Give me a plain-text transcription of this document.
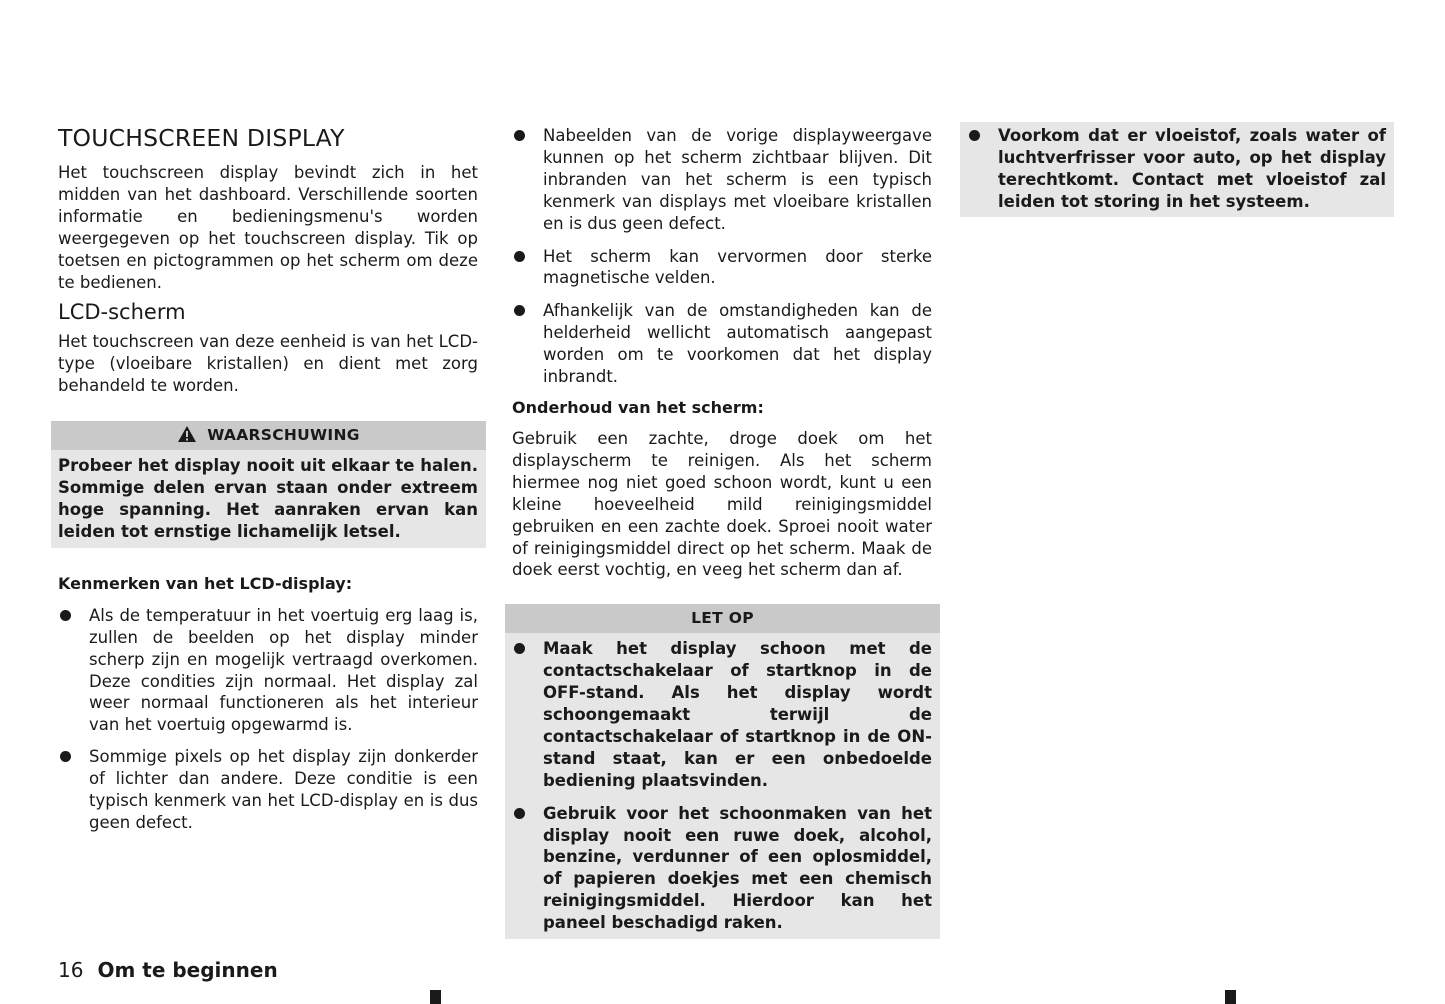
TOUCHSCREEN DISPLAY

Het touchscreen display bevindt zich in het midden van het dashboard. Verschillende soorten informatie en bedieningsmenu's worden weergegeven op het touchscreen display. Tik op toetsen en pictogrammen op het scherm om deze te bedienen.

LCD-scherm

Het touchscreen van deze eenheid is van het LCD-type (vloeibare kristallen) en dient met zorg behandeld te worden.

WAARSCHUWING

Probeer het display nooit uit elkaar te halen. Sommige delen ervan staan onder extreem hoge spanning. Het aanraken ervan kan leiden tot ernstige lichamelijk letsel.

Kenmerken van het LCD-display:
Als de temperatuur in het voertuig erg laag is, zullen de beelden op het display minder scherp zijn en mogelijk vertraagd overkomen. Deze condities zijn normaal. Het display zal weer normaal functioneren als het interieur van het voertuig opgewarmd is.
Sommige pixels op het display zijn donkerder of lichter dan andere. Deze conditie is een typisch kenmerk van het LCD-display en is dus geen defect.
Nabeelden van de vorige displayweergave kunnen op het scherm zichtbaar blijven. Dit inbranden van het scherm is een typisch kenmerk van displays met vloeibare kristallen en is dus geen defect.
Het scherm kan vervormen door sterke magnetische velden.
Afhankelijk van de omstandigheden kan de helderheid wellicht automatisch aangepast worden om te voorkomen dat het display inbrandt.
Onderhoud van het scherm:

Gebruik een zachte, droge doek om het displayscherm te reinigen. Als het scherm hiermee nog niet goed schoon wordt, kunt u een kleine hoeveelheid mild reinigingsmiddel gebruiken en een zachte doek. Sproei nooit water of reinigingsmiddel direct op het scherm. Maak de doek eerst vochtig, en veeg het scherm dan af.

LET OP
Maak het display schoon met de contactschakelaar of startknop in de OFF-stand. Als het display wordt schoongemaakt terwijl de contactschakelaar of startknop in de ON-stand staat, kan er een onbedoelde bediening plaatsvinden.
Gebruik voor het schoonmaken van het display nooit een ruwe doek, alcohol, benzine, verdunner of een oplosmiddel, of papieren doekjes met een chemisch reinigingsmiddel. Hierdoor kan het paneel beschadigd raken.
Voorkom dat er vloeistof, zoals water of luchtverfrisser voor auto, op het display terechtkomt. Contact met vloeistof zal leiden tot storing in het systeem.
16 Om te beginnen
